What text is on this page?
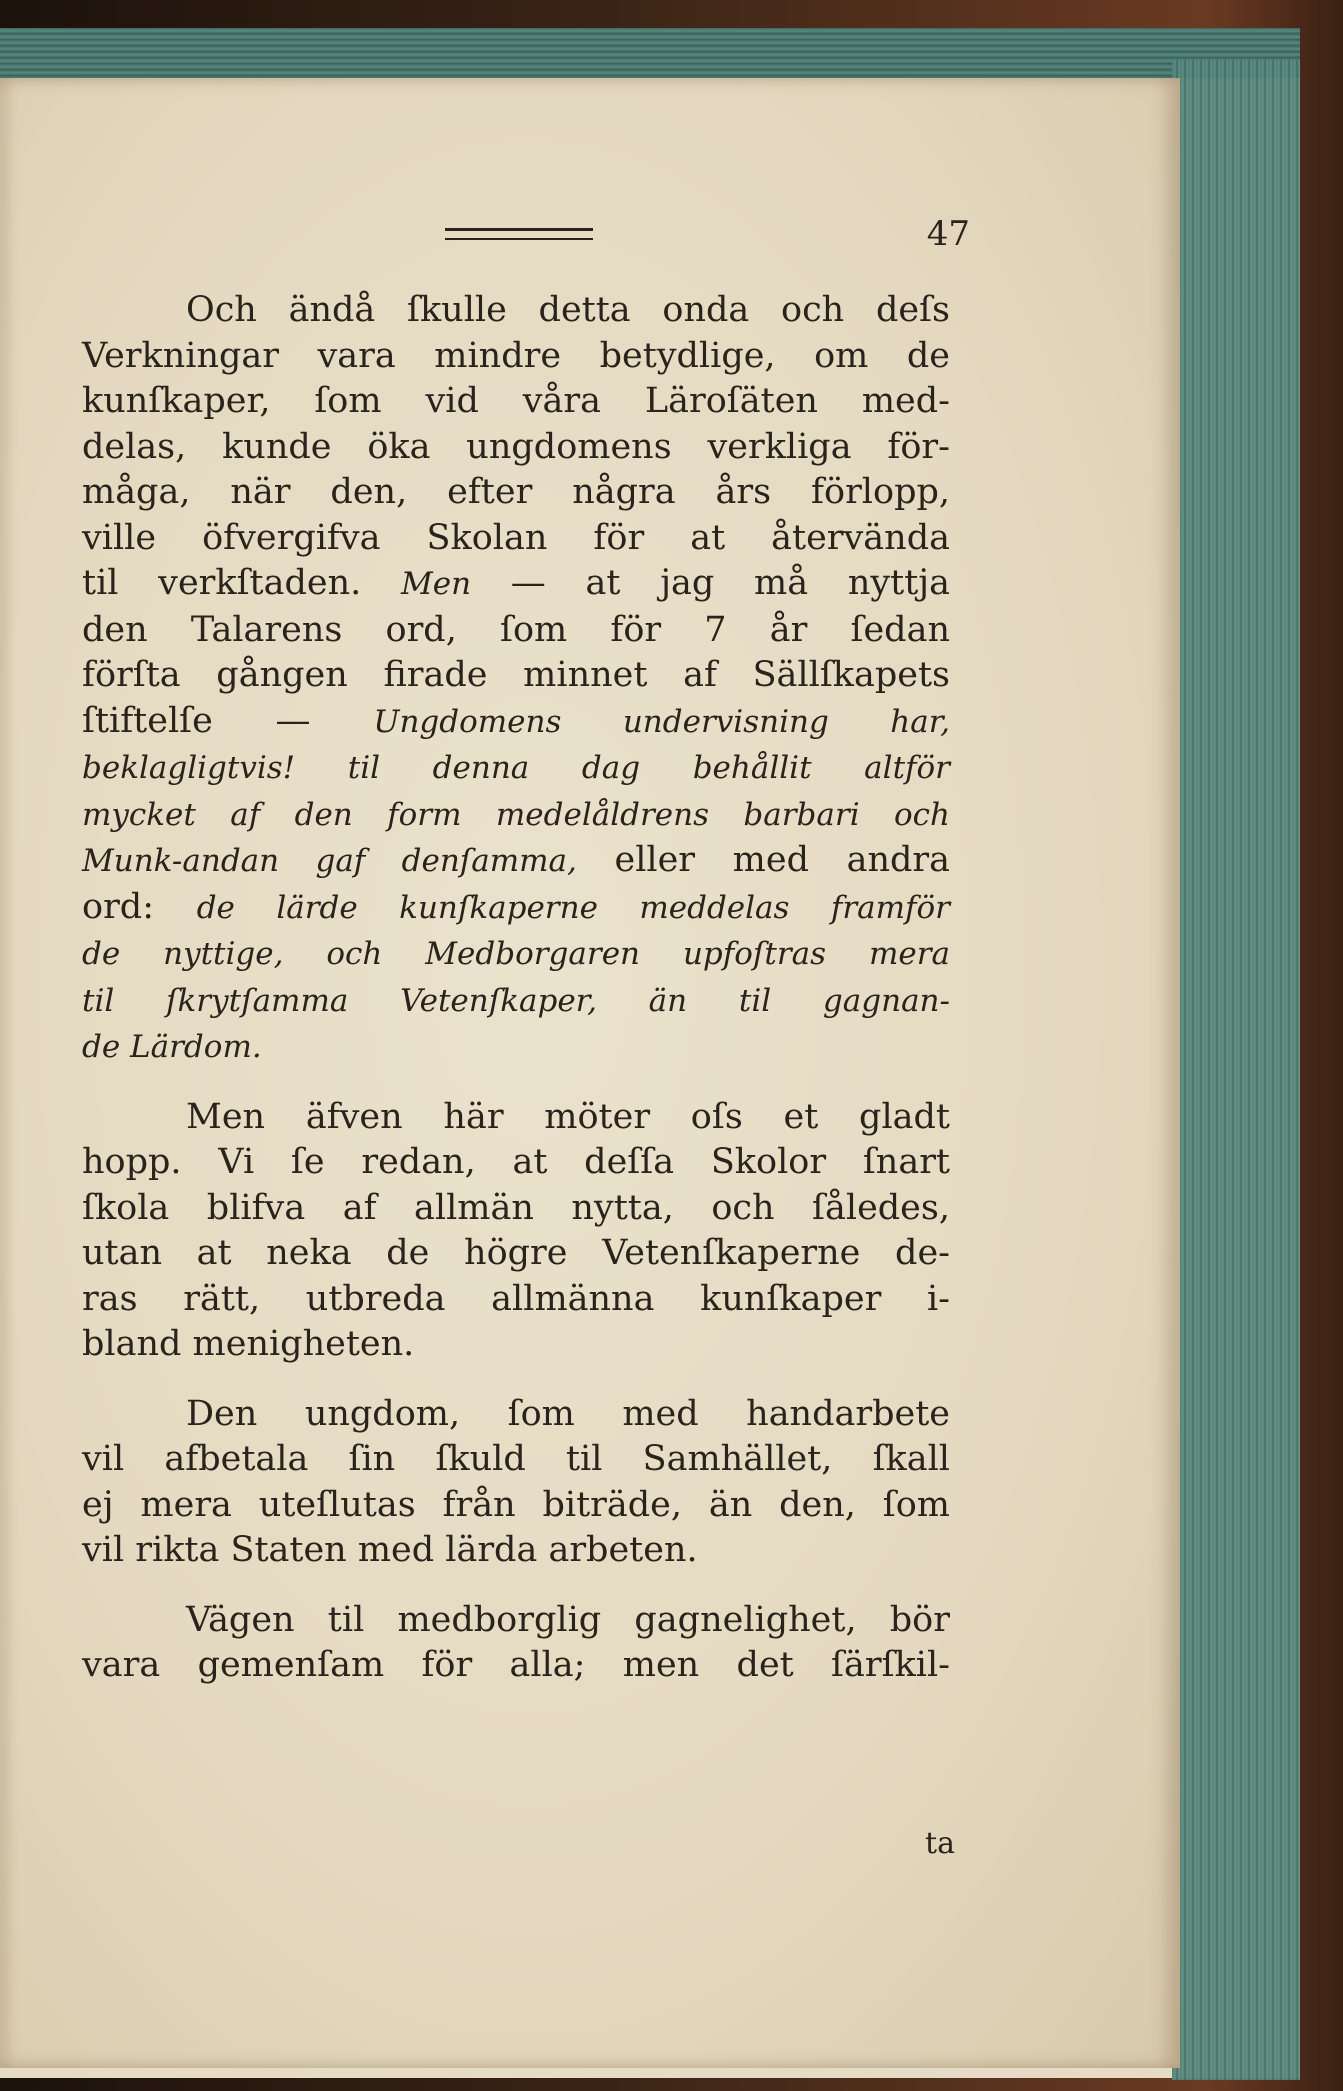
47
Och ändå ſkulle detta onda och deſs
Verkningar vara mindre betydlige, om de
kunſkaper, ſom vid våra Läroſäten med-
delas, kunde öka ungdomens verkliga för-
måga, när den, efter några års förlopp,
ville öfvergifva Skolan för at återvända
til verkſtaden. Men — at jag må nyttja
den Talarens ord, ſom för 7 år ſedan
förſta gången firade minnet af Sällſkapets
ſtiftelſe — Ungdomens undervisning har,
beklagligtvis! til denna dag behållit altför
mycket af den form medelåldrens barbari och
Munk-andan gaf denſamma, eller med andra
ord: de lärde kunſkaperne meddelas framför
de nyttige, och Medborgaren upfoſtras mera
til ſkrytſamma Vetenſkaper, än til gagnan-
de Lärdom.
Men äfven här möter oſs et gladt
hopp. Vi ſe redan, at deſſa Skolor ſnart
ſkola blifva af allmän nytta, och ſåledes,
utan at neka de högre Vetenſkaperne de-
ras rätt, utbreda allmänna kunſkaper i-
bland menigheten.
Den ungdom, ſom med handarbete
vil afbetala ſin ſkuld til Samhället, ſkall
ej mera uteſlutas från biträde, än den, ſom
vil rikta Staten med lärda arbeten.
Vägen til medborglig gagnelighet, bör
vara gemenſam för alla; men det ſärſkil-
ta
